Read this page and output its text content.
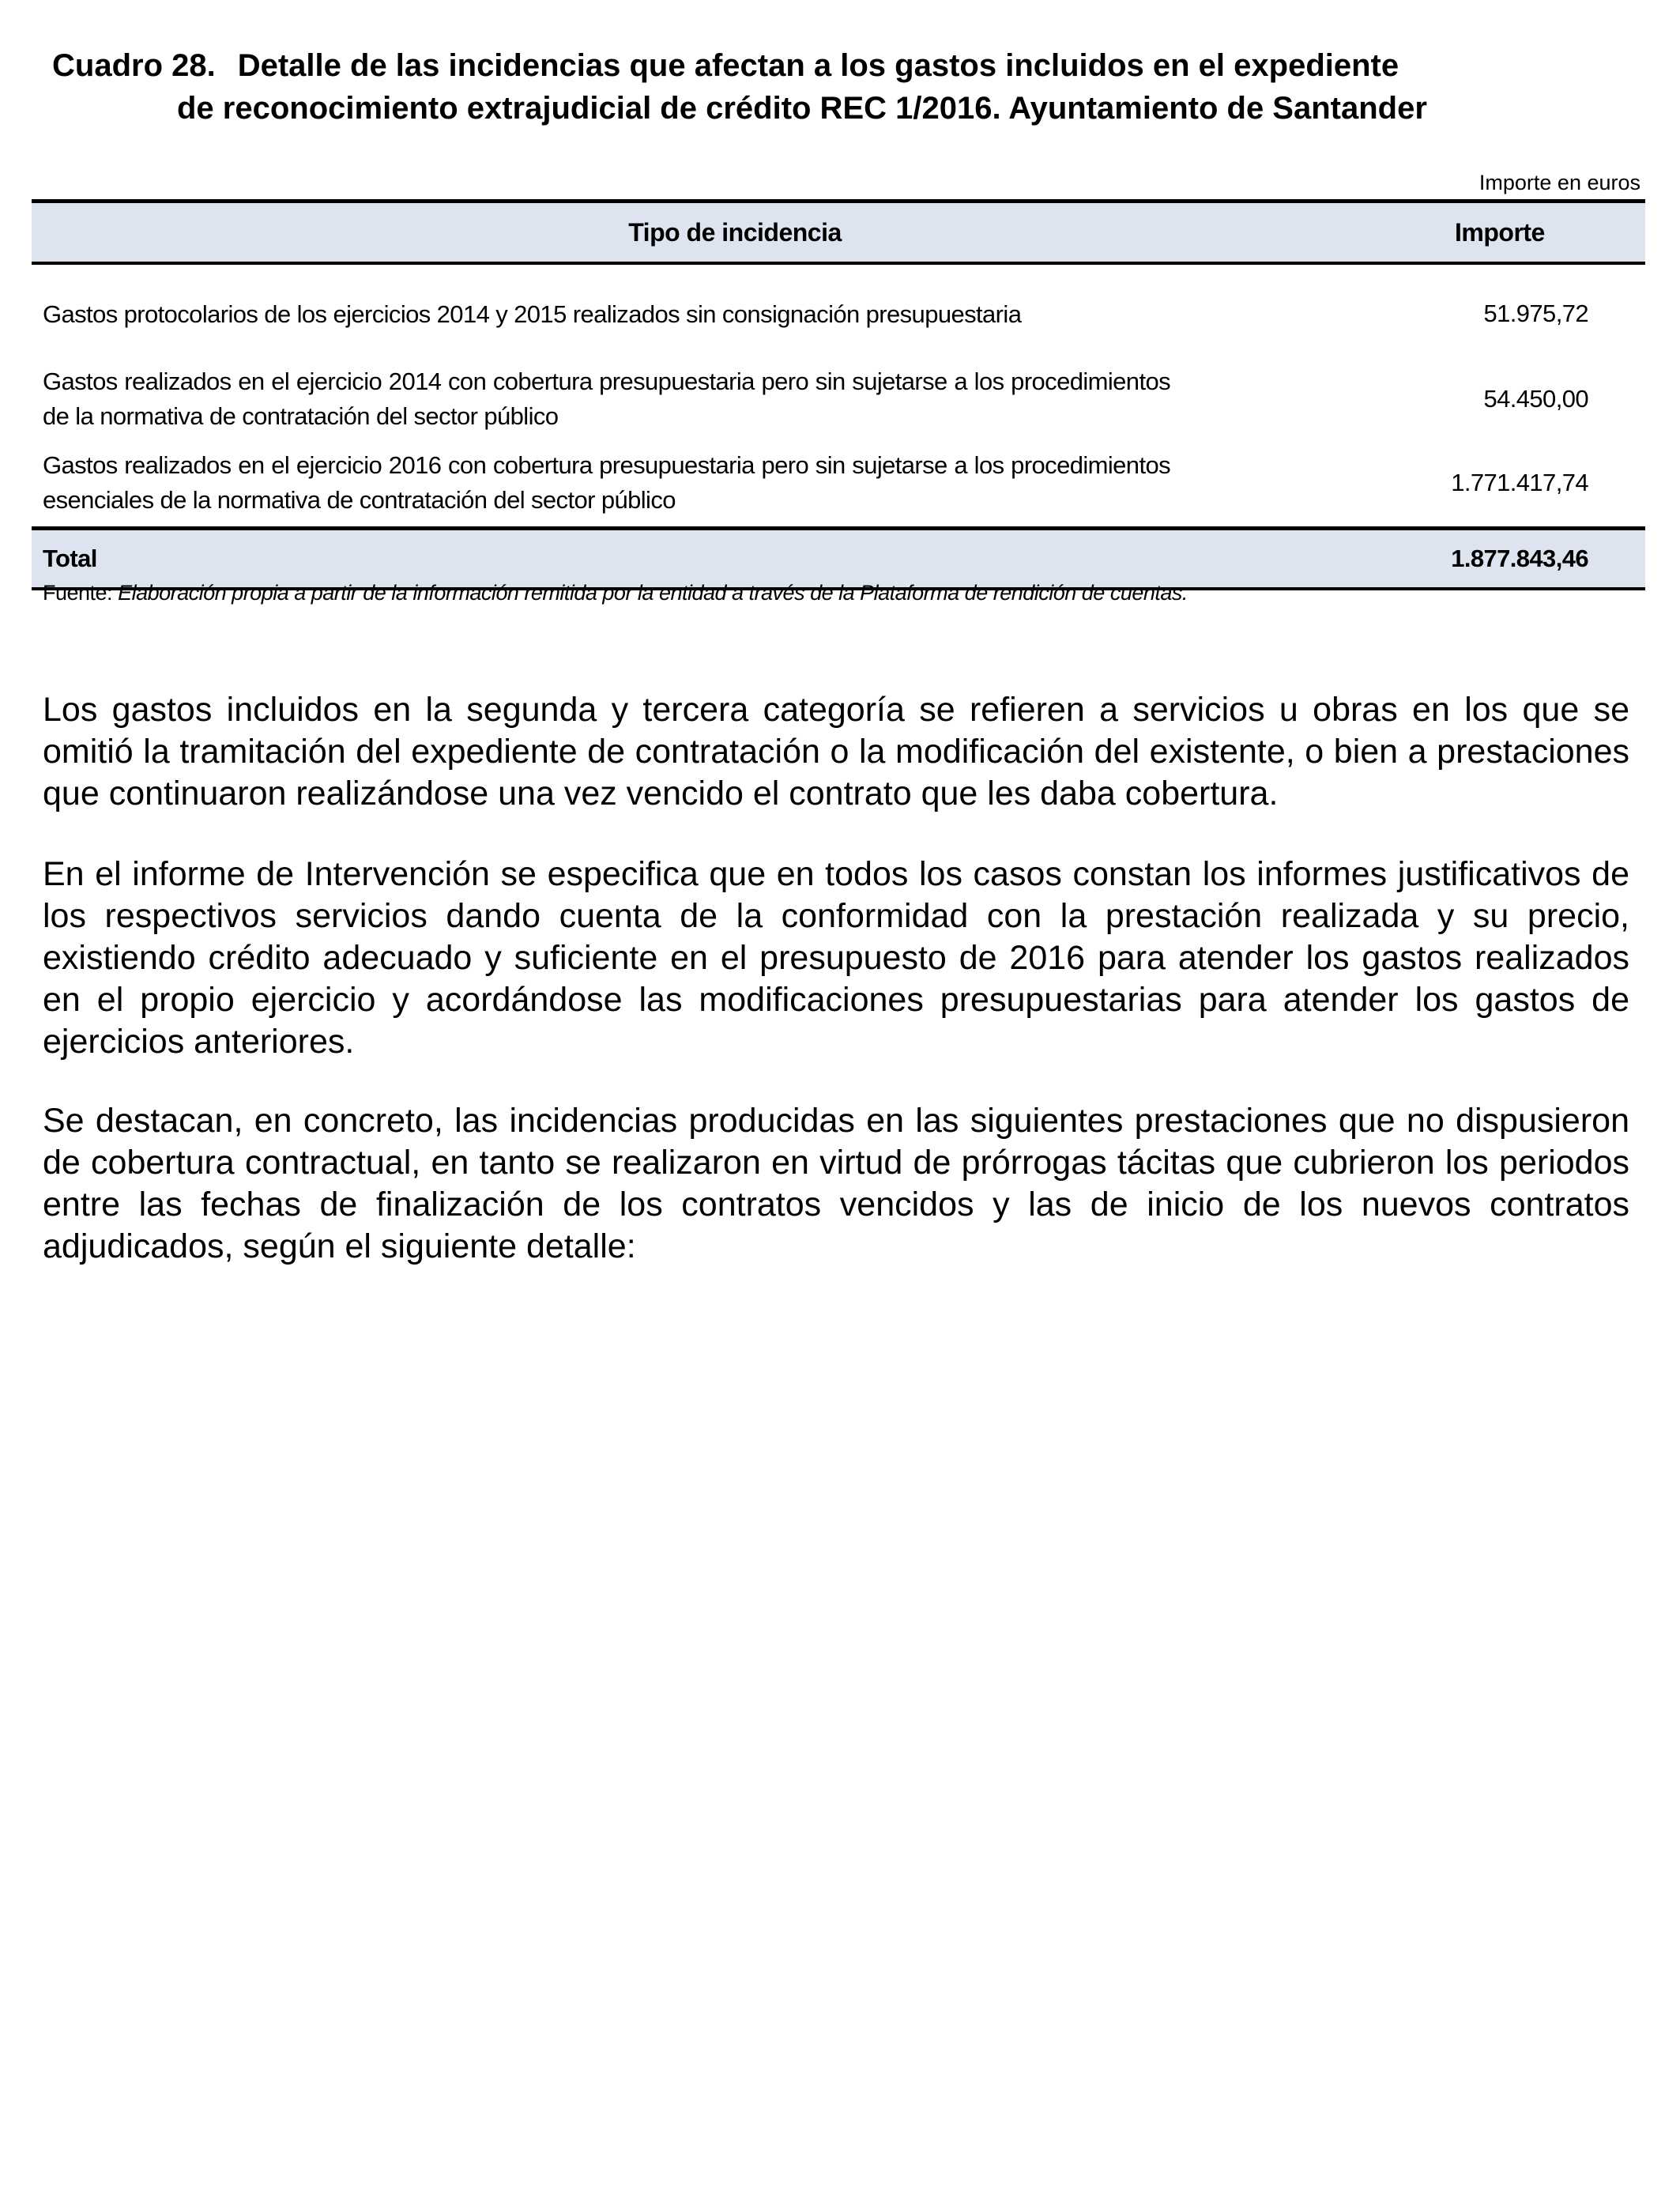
Cuadro 28. Detalle de las incidencias que afectan a los gastos incluidos en el expediente
de reconocimiento extrajudicial de crédito REC 1/2016. Ayuntamiento de Santander
Importe en euros
Tipo de incidencia	Importe
Gastos protocolarios de los ejercicios 2014 y 2015 realizados sin consignación presupuestaria	51.975,72
Gastos realizados en el ejercicio 2014 con cobertura presupuestaria pero sin sujetarse a los procedimientos de la normativa de contratación del sector público	54.450,00
Gastos realizados en el ejercicio 2016 con cobertura presupuestaria pero sin sujetarse a los procedimientos esenciales de la normativa de contratación del sector público	1.771.417,74
Total	1.877.843,46
Fuente: Elaboración propia a partir de la información remitida por la entidad a través de la Plataforma de rendición de cuentas.

Los gastos incluidos en la segunda y tercera categoría se refieren a servicios u obras en los que se omitió la tramitación del expediente de contratación o la modificación del existente, o bien a prestaciones que continuaron realizándose una vez vencido el contrato que les daba cobertura.

En el informe de Intervención se especifica que en todos los casos constan los informes justificativos de los respectivos servicios dando cuenta de la conformidad con la prestación realizada y su precio, existiendo crédito adecuado y suficiente en el presupuesto de 2016 para atender los gastos realizados en el propio ejercicio y acordándose las modificaciones presupuestarias para atender los gastos de ejercicios anteriores.

Se destacan, en concreto, las incidencias producidas en las siguientes prestaciones que no dispusieron de cobertura contractual, en tanto se realizaron en virtud de prórrogas tácitas que cubrieron los periodos entre las fechas de finalización de los contratos vencidos y las de inicio de los nuevos contratos adjudicados, según el siguiente detalle:
